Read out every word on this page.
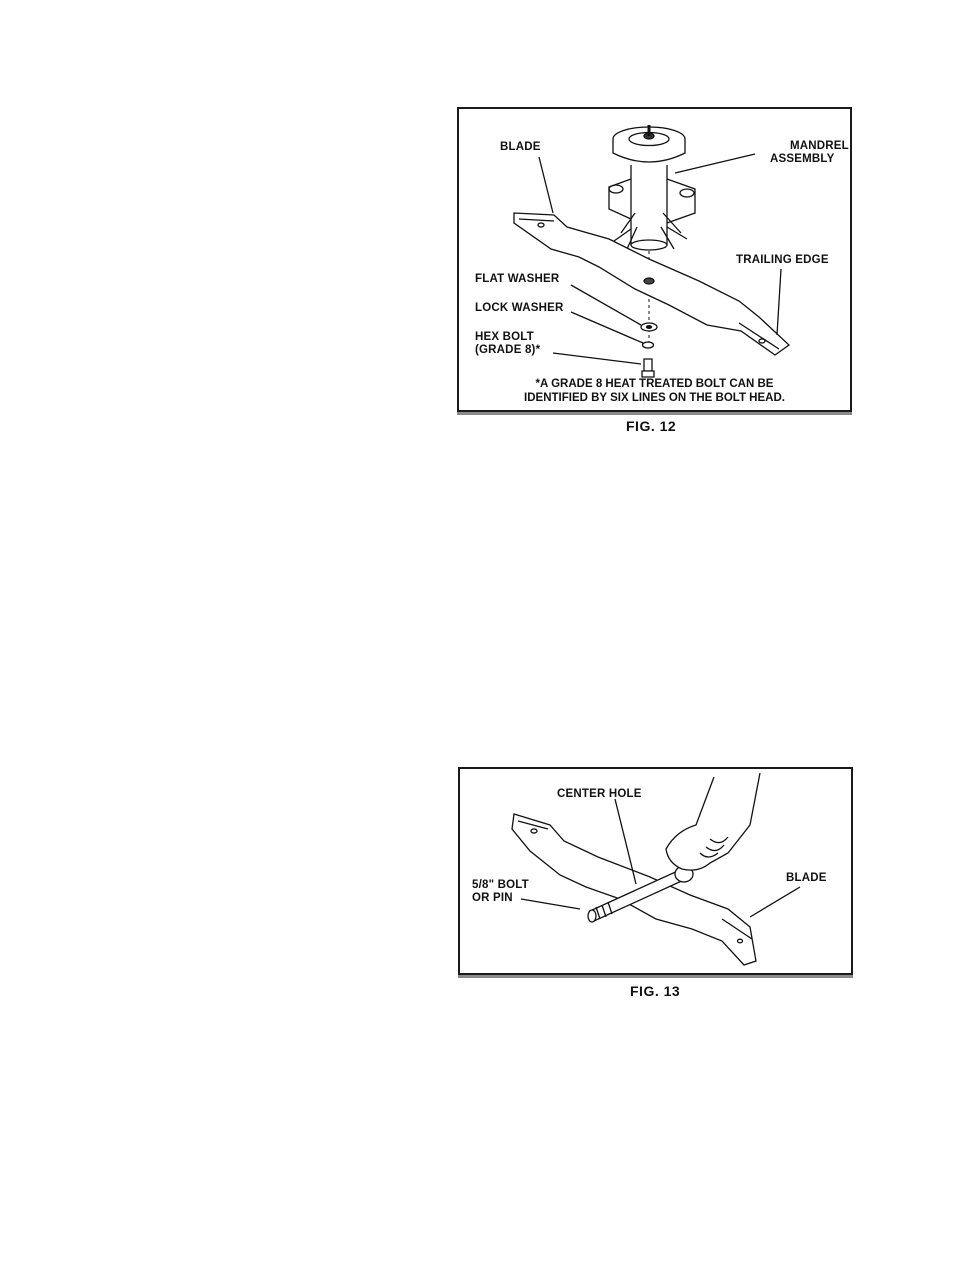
BLADE	MANDREL
ASSEMBLY
TRAILING EDGE
FLAT WASHER
LOCK WASHER
HEX BOLT
(GRADE 8)*
*A GRADE 8 HEAT TREATED BOLT CAN BE
IDENTIFIED BY SIX LINES ON THE BOLT HEAD.
FIG. 12
CENTER HOLE
5/8" BOLT
OR PIN
BLADE
FIG. 13
